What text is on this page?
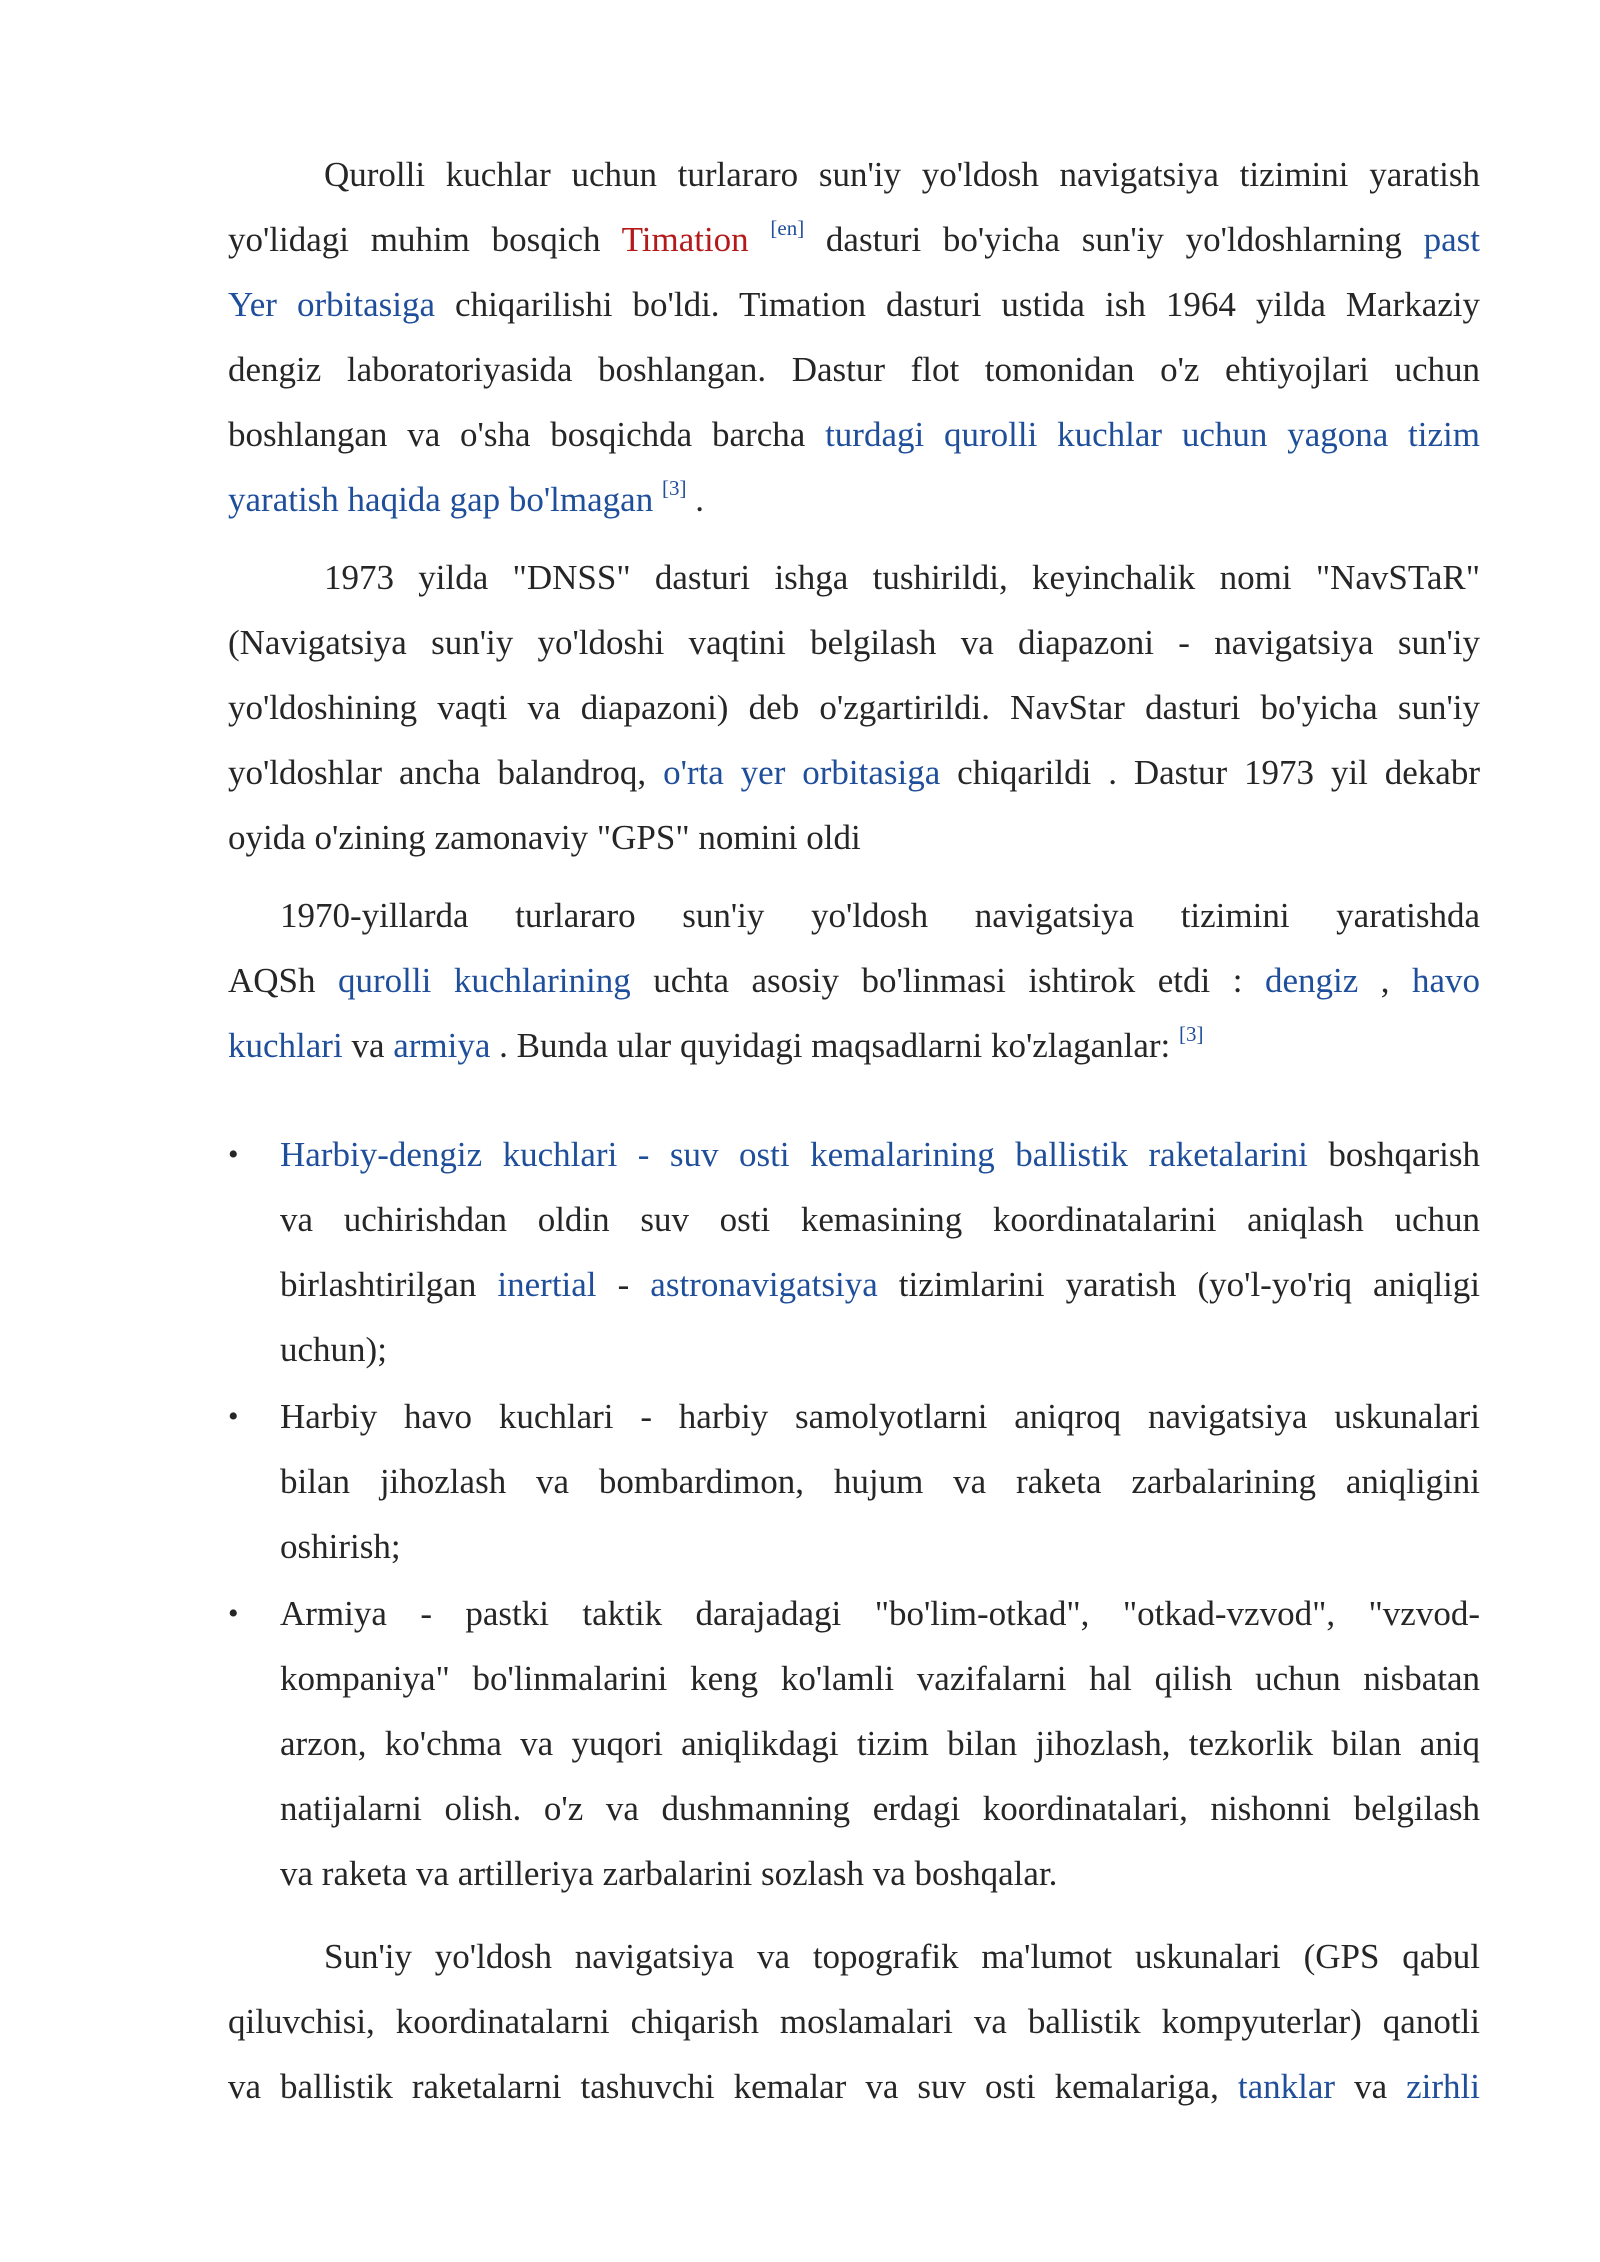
Qurolli kuchlar uchun turlararo sun'iy yo'ldosh navigatsiya tizimini yaratish
yo'lidagi muhim bosqich Timation [en] dasturi bo'yicha sun'iy yo'ldoshlarning past
Yer orbitasiga chiqarilishi bo'ldi. Timation dasturi ustida ish 1964 yilda Markaziy
dengiz laboratoriyasida boshlangan. Dastur flot tomonidan o'z ehtiyojlari uchun
boshlangan va o'sha bosqichda barcha turdagi qurolli kuchlar uchun yagona tizim
yaratish haqida gap bo'lmagan [3] .
1973 yilda "DNSS" dasturi ishga tushirildi, keyinchalik nomi "NavSTaR"
(Navigatsiya sun'iy yo'ldoshi vaqtini belgilash va diapazoni - navigatsiya sun'iy
yo'ldoshining vaqti va diapazoni) deb o'zgartirildi. NavStar dasturi bo'yicha sun'iy
yo'ldoshlar ancha balandroq, o'rta yer orbitasiga chiqarildi . Dastur 1973 yil dekabr
oyida o'zining zamonaviy "GPS" nomini oldi
1970-yillarda turlararo sun'iy yo'ldosh navigatsiya tizimini yaratishda
AQSh qurolli kuchlarining uchta asosiy bo'linmasi ishtirok etdi : dengiz , havo
kuchlari va armiya . Bunda ular quyidagi maqsadlarni ko'zlaganlar: [3]
•	Harbiy-dengiz kuchlari - suv osti kemalarining ballistik raketalarini boshqarish
va uchirishdan oldin suv osti kemasining koordinatalarini aniqlash uchun
birlashtirilgan inertial - astronavigatsiya tizimlarini yaratish (yo'l-yo'riq aniqligi
uchun);
•	Harbiy havo kuchlari - harbiy samolyotlarni aniqroq navigatsiya uskunalari
bilan jihozlash va bombardimon, hujum va raketa zarbalarining aniqligini
oshirish;
•	Armiya - pastki taktik darajadagi "bo'lim-otkad", "otkad-vzvod", "vzvod-
kompaniya" bo'linmalarini keng ko'lamli vazifalarni hal qilish uchun nisbatan
arzon, ko'chma va yuqori aniqlikdagi tizim bilan jihozlash, tezkorlik bilan aniq
natijalarni olish. o'z va dushmanning erdagi koordinatalari, nishonni belgilash
va raketa va artilleriya zarbalarini sozlash va boshqalar.
Sun'iy yo'ldosh navigatsiya va topografik ma'lumot uskunalari (GPS qabul
qiluvchisi, koordinatalarni chiqarish moslamalari va ballistik kompyuterlar) qanotli
va ballistik raketalarni tashuvchi kemalar va suv osti kemalariga, tanklar va zirhli
